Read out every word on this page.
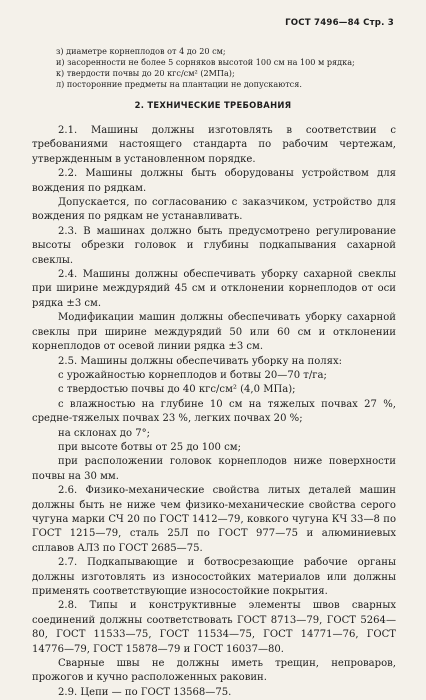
ГОСТ 7496—84 Стр. 3
з) диаметре корнеплодов от 4 до 20 см;
и) засоренности не более 5 сорняков высотой 100 см на 100 м рядка;
к) твердости почвы до 20 кгс/см² (2МПа);
л) посторонние предметы на плантации не допускаются.
2. ТЕХНИЧЕСКИЕ ТРЕБОВАНИЯ

2.1. Машины должны изготовлять в соответствии с требованиями настоящего стандарта по рабочим чертежам, утвержденным в установленном порядке.

2.2. Машины должны быть оборудованы устройством для вождения по рядкам.

Допускается, по согласованию с заказчиком, устройство для вождения по рядкам не устанавливать.

2.3. В машинах должно быть предусмотрено регулирование высоты обрезки головок и глубины подкапывания сахарной свеклы.

2.4. Машины должны обеспечивать уборку сахарной свеклы при ширине междурядий 45 см и отклонении корнеплодов от оси рядка ±3 см.

Модификации машин должны обеспечивать уборку сахарной свеклы при ширине междурядий 50 или 60 см и отклонении корнеплодов от осевой линии рядка ±3 см.

2.5. Машины должны обеспечивать уборку на полях:

с урожайностью корнеплодов и ботвы 20—70 т/га;

с твердостью почвы до 40 кгс/см² (4,0 МПа);

с влажностью на глубине 10 см на тяжелых почвах 27 %, средне-тяжелых почвах 23 %, легких почвах 20 %;

на склонах до 7°;

при высоте ботвы от 25 до 100 см;

при расположении головок корнеплодов ниже поверхности почвы на 30 мм.

2.6. Физико-механические свойства литых деталей машин должны быть не ниже чем физико-механические свойства серого чугуна марки СЧ 20 по ГОСТ 1412—79, ковкого чугуна КЧ 33—8 по ГОСТ 1215—79, сталь 25Л по ГОСТ 977—75 и алюминиевых сплавов АЛЗ по ГОСТ 2685—75.

2.7. Подкапывающие и ботвосрезающие рабочие органы должны изготовлять из износостойких материалов или должны применять соответствующие износостойкие покрытия.

2.8. Типы и конструктивные элементы швов сварных соединений должны соответствовать ГОСТ 8713—79, ГОСТ 5264—80, ГОСТ 11533—75, ГОСТ 11534—75, ГОСТ 14771—76, ГОСТ 14776—79, ГОСТ 15878—79 и ГОСТ 16037—80.

Сварные швы не должны иметь трещин, непроваров, прожогов и кучно расположенных раковин.

2.9. Цепи — по ГОСТ 13568—75.
